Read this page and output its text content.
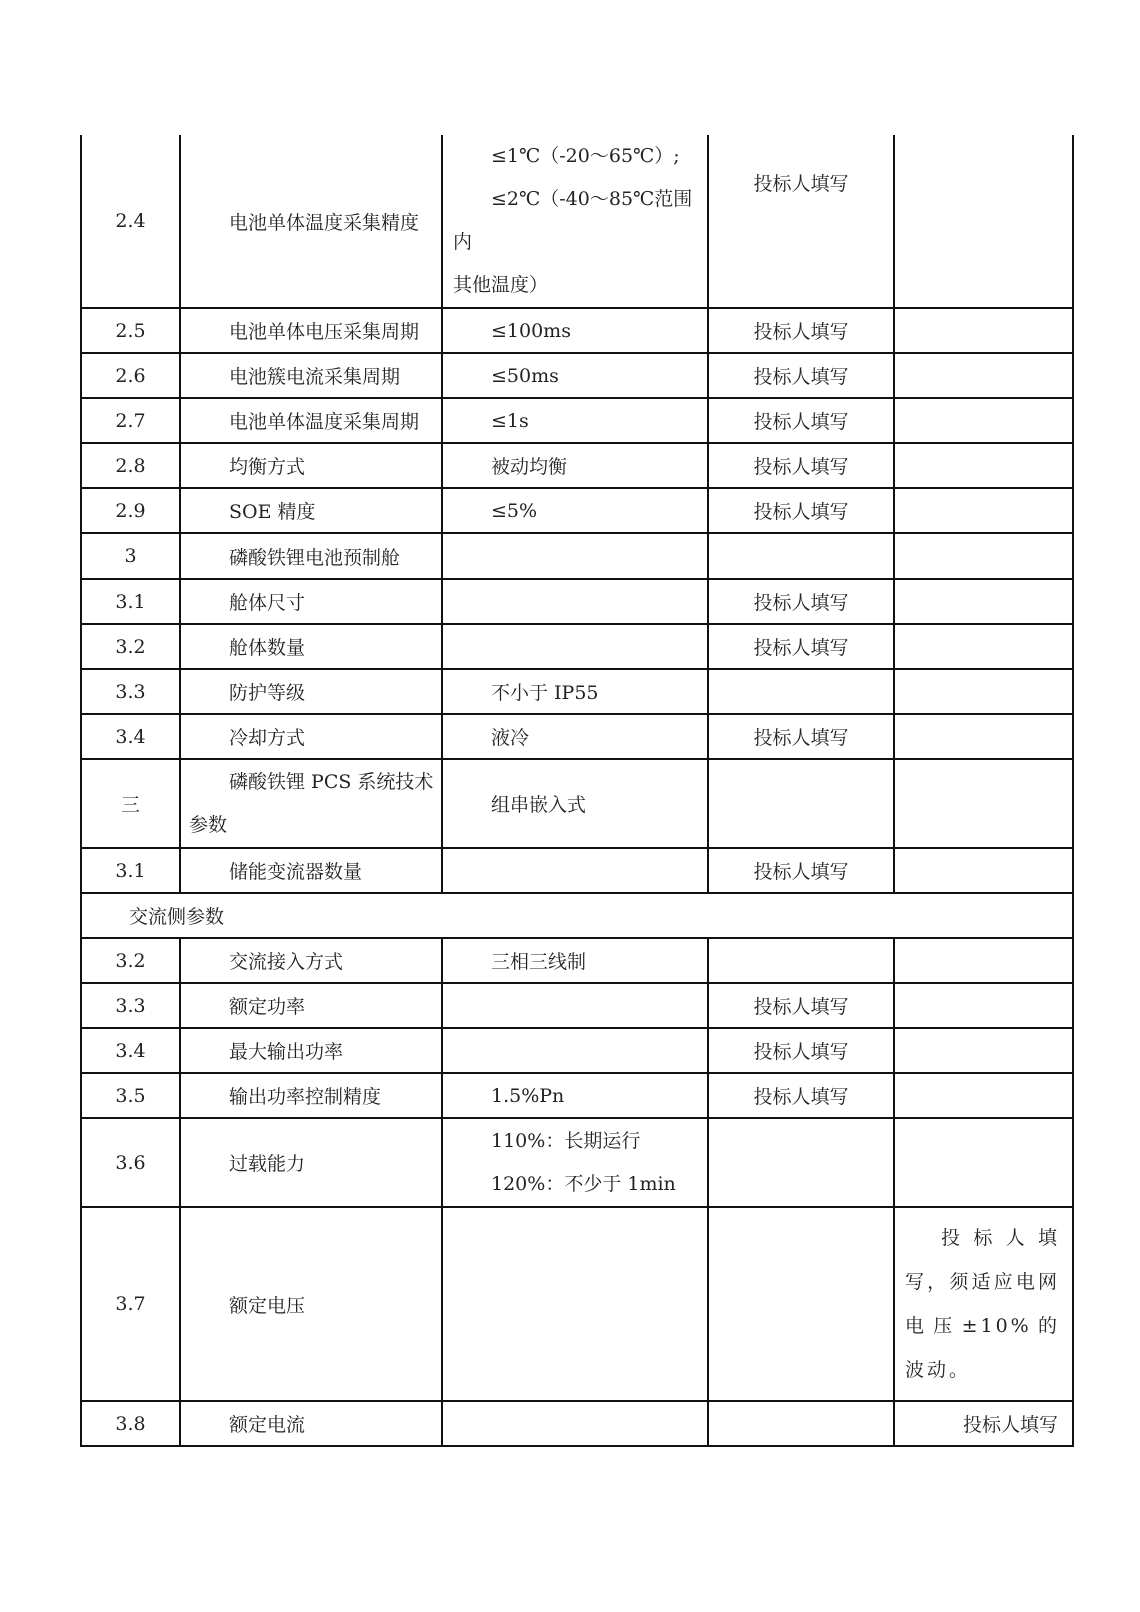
2.4	电池单体温度采集精度	≤1℃（-20～65℃）;
≤2℃（-40～85℃范围内
其他温度）	投标人填写	
2.5	电池单体电压采集周期	≤100ms	投标人填写	
2.6	电池簇电流采集周期	≤50ms	投标人填写	
2.7	电池单体温度采集周期	≤1s	投标人填写	
2.8	均衡方式	被动均衡	投标人填写	
2.9	SOE 精度	≤5%	投标人填写	
3	磷酸铁锂电池预制舱			
3.1	舱体尺寸		投标人填写	
3.2	舱体数量		投标人填写	
3.3	防护等级	不小于 IP55		
3.4	冷却方式	液冷	投标人填写	
三	磷酸铁锂 PCS 系统技术
参数	组串嵌入式		
3.1	储能变流器数量		投标人填写	
交流侧参数				
3.2	交流接入方式	三相三线制		
3.3	额定功率		投标人填写	
3.4	最大输出功率		投标人填写	
3.5	输出功率控制精度	1.5%Pn	投标人填写	
3.6	过载能力	110%：长期运行
120%：不少于 1min		

3.7	额定电压			投标人填写，须适应电网电压±10%的波动。

3.8	额定电流			投标人填写
